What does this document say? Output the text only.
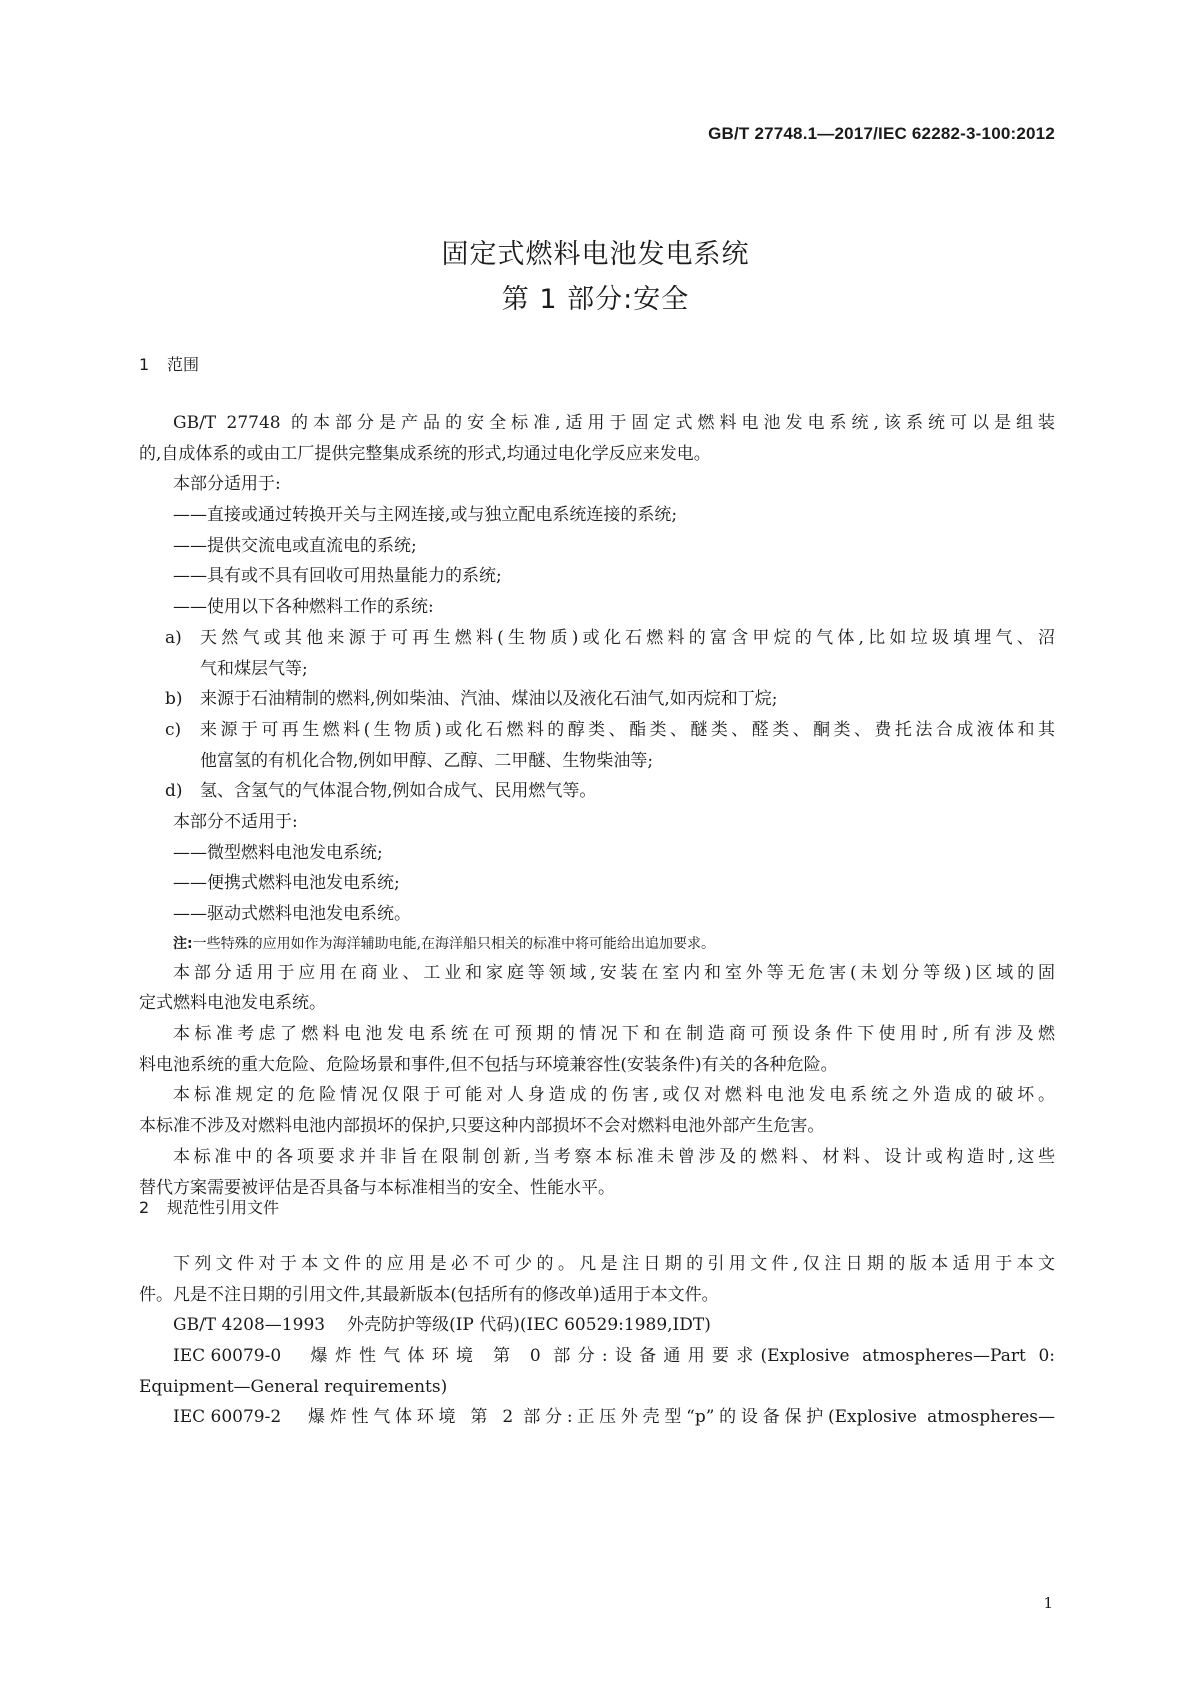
GB/T 27748.1—2017/IEC 62282-3-100:2012
固定式燃料电池发电系统
第 1 部分:安全
1 范围
GB/T 27748 的本部分是产品的安全标准,适用于固定式燃料电池发电系统,该系统可以是组装
的,自成体系的或由工厂提供完整集成系统的形式,均通过电化学反应来发电。
本部分适用于:
——直接或通过转换开关与主网连接,或与独立配电系统连接的系统;
——提供交流电或直流电的系统;
——具有或不具有回收可用热量能力的系统;
——使用以下各种燃料工作的系统:
a) 天然气或其他来源于可再生燃料(生物质)或化石燃料的富含甲烷的气体,比如垃圾填埋气、沼
气和煤层气等;
b) 来源于石油精制的燃料,例如柴油、汽油、煤油以及液化石油气,如丙烷和丁烷;
c) 来源于可再生燃料(生物质)或化石燃料的醇类、酯类、醚类、醛类、酮类、费托法合成液体和其
他富氢的有机化合物,例如甲醇、乙醇、二甲醚、生物柴油等;
d) 氢、含氢气的气体混合物,例如合成气、民用燃气等。
本部分不适用于:
——微型燃料电池发电系统;
——便携式燃料电池发电系统;
——驱动式燃料电池发电系统。
注:一些特殊的应用如作为海洋辅助电能,在海洋船只相关的标准中将可能给出追加要求。
本部分适用于应用在商业、工业和家庭等领域,安装在室内和室外等无危害(未划分等级)区域的固
定式燃料电池发电系统。
本标准考虑了燃料电池发电系统在可预期的情况下和在制造商可预设条件下使用时,所有涉及燃
料电池系统的重大危险、危险场景和事件,但不包括与环境兼容性(安装条件)有关的各种危险。
本标准规定的危险情况仅限于可能对人身造成的伤害,或仅对燃料电池发电系统之外造成的破坏。
本标准不涉及对燃料电池内部损坏的保护,只要这种内部损坏不会对燃料电池外部产生危害。
本标准中的各项要求并非旨在限制创新,当考察本标准未曾涉及的燃料、材料、设计或构造时,这些
替代方案需要被评估是否具备与本标准相当的安全、性能水平。
2 规范性引用文件
下列文件对于本文件的应用是必不可少的。凡是注日期的引用文件,仅注日期的版本适用于本文
件。凡是不注日期的引用文件,其最新版本(包括所有的修改单)适用于本文件。
GB/T 4208—1993 外壳防护等级(IP 代码)(IEC 60529:1989,IDT)
IEC 60079-0 爆炸性气体环境 第 0 部分:设备通用要求(Explosive atmospheres—Part 0:
Equipment—General requirements)
IEC 60079-2 爆炸性气体环境 第 2 部分:正压外壳型“p”的设备保护(Explosive atmospheres—
1
